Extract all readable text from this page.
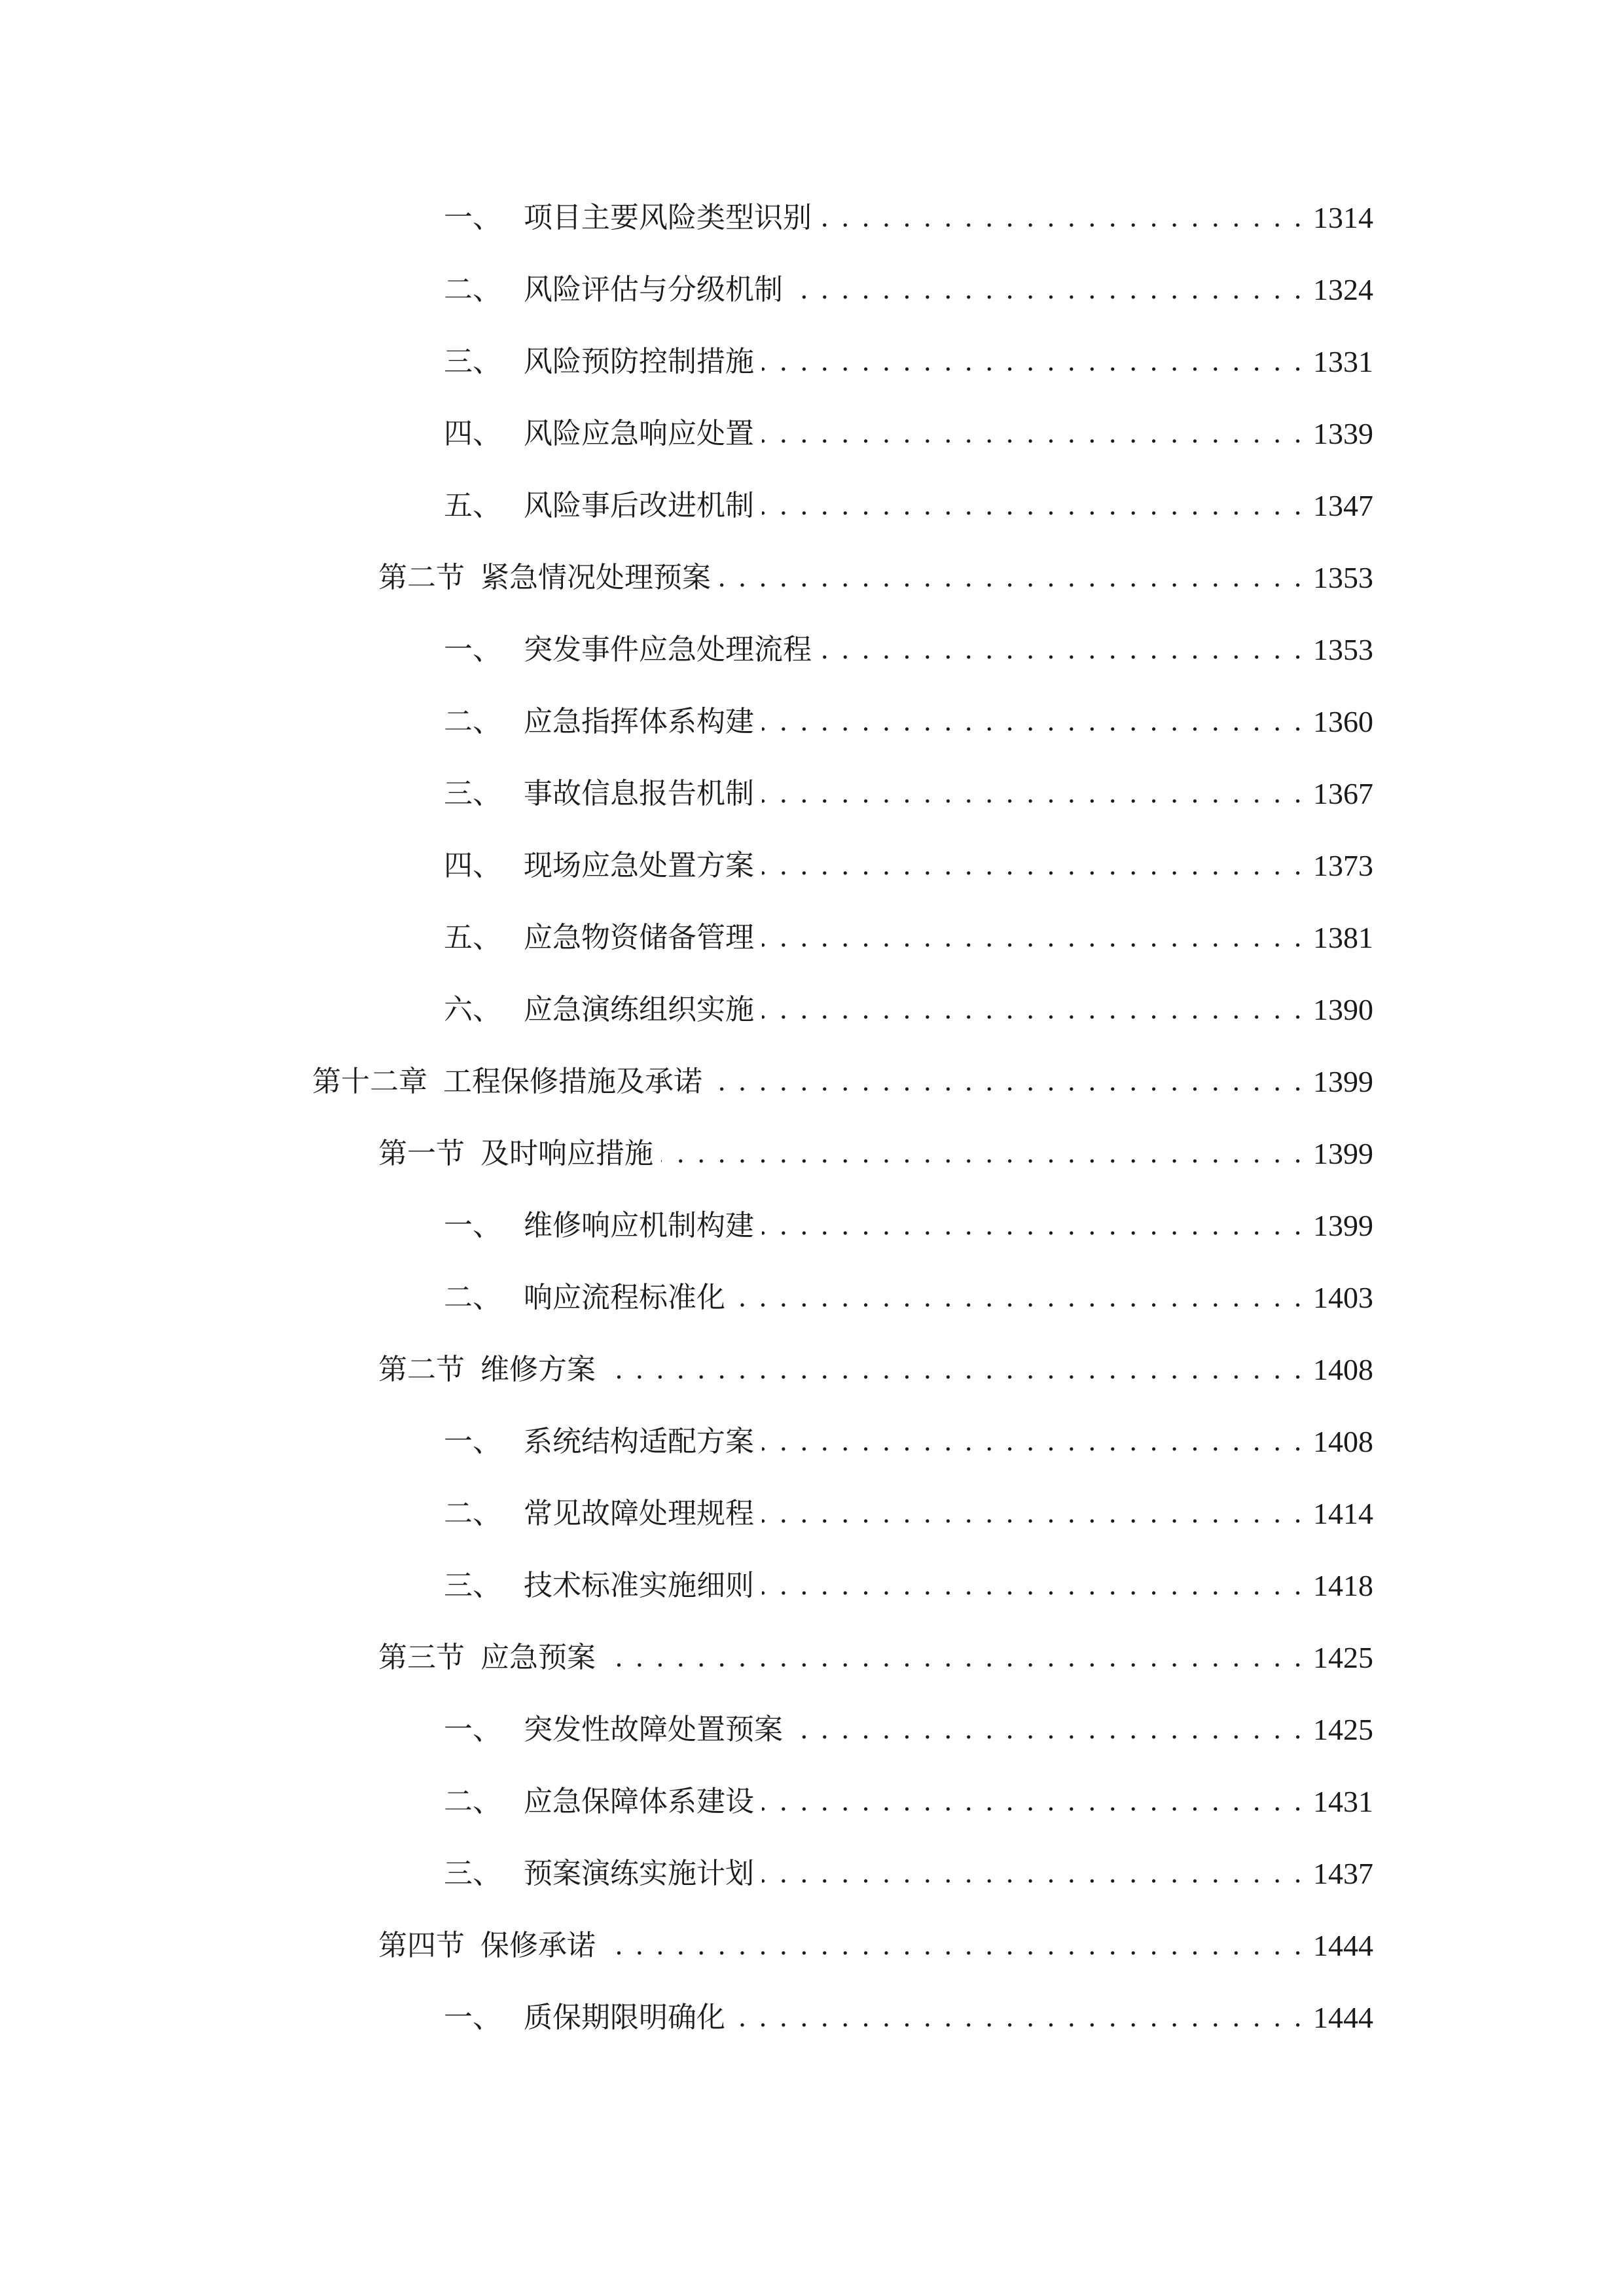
一、 项目主要风险类型识别 . . .	1314
二、 风险评估与分级机制 . . .	1324
三、 风险预防控制措施 . . .	1331
四、 风险应急响应处置 . . .	1339
五、 风险事后改进机制 . . .	1347
第二节 紧急情况处理预案 . . .	1353
一、 突发事件应急处理流程 . . .	1353
二、 应急指挥体系构建 . . .	1360
三、 事故信息报告机制 . . .	1367
四、 现场应急处置方案 . . .	1373
五、 应急物资储备管理 . . .	1381
六、 应急演练组织实施 . . .	1390
第十二章 工程保修措施及承诺 . . .	1399
第一节 及时响应措施 . . .	1399
一、 维修响应机制构建 . . .	1399
二、 响应流程标准化 . . .	1403
第二节 维修方案 . . .	1408
一、 系统结构适配方案 . . .	1408
二、 常见故障处理规程 . . .	1414
三、 技术标准实施细则 . . .	1418
第三节 应急预案 . . .	1425
一、 突发性故障处置预案 . . .	1425
二、 应急保障体系建设 . . .	1431
三、 预案演练实施计划 . . .	1437
第四节 保修承诺 . . .	1444
一、 质保期限明确化 . . .	1444
